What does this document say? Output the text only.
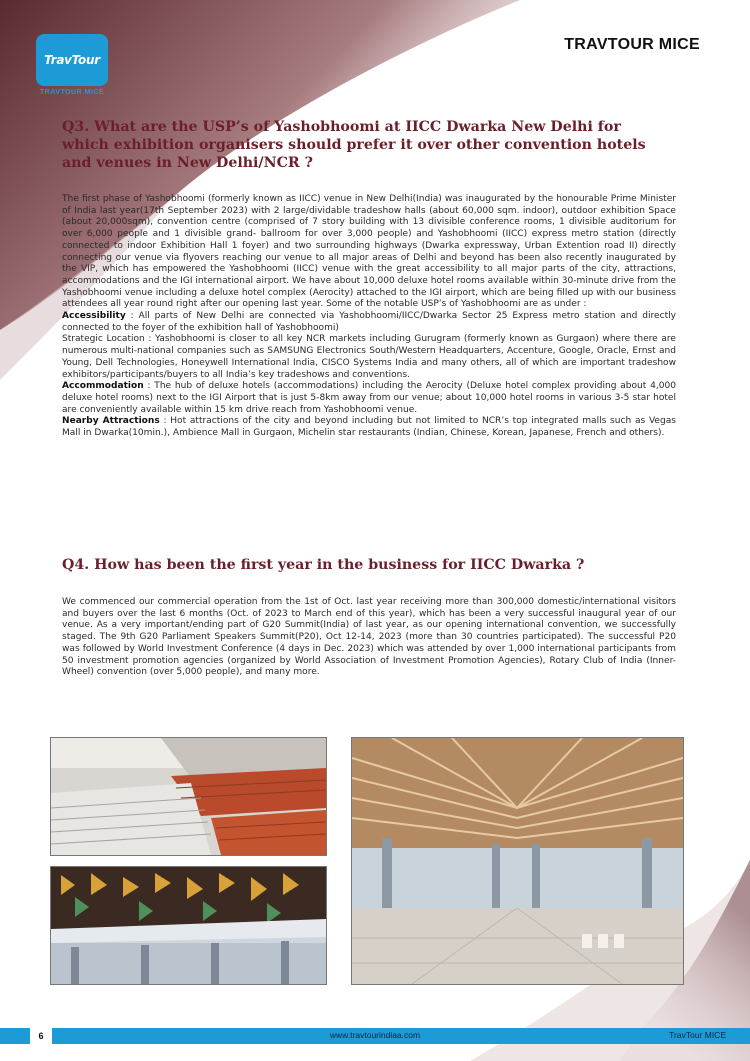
TravTour
TRAVTOUR MICE
TRAVTOUR MICE
Q3. What are the USP’s of Yashobhoomi at IICC Dwarka New Delhi for which exhibition organisers should prefer it over other convention hotels and venues in New Delhi/NCR ?

The first phase of Yashobhoomi (formerly known as IICC) venue in New Delhi(India) was inaugurated by the honourable Prime Minister of India last year(17th September 2023) with 2 large/dividable tradeshow halls (about 60,000 sqm. indoor), outdoor exhibition Space (about 20,000sqm), convention centre (comprised of 7 story building with 13 divisible conference rooms, 1 divisible auditorium for over 6,000 people and 1 divisible grand- ballroom for over 3,000 people) and Yashobhoomi (IICC) express metro station (directly connected to indoor Exhibition Hall 1 foyer) and two surrounding highways (Dwarka expressway, Urban Extention road II) directly connecting our venue via flyovers reaching our venue to all major areas of Delhi and beyond has been also recently inaugurated by the VIP, which has empowered the Yashobhoomi (IICC) venue with the great accessibility to all major parts of the city, attractions, accommodations and the IGI international airport. We have about 10,000 deluxe hotel rooms available within 30-minute drive from the Yashobhoomi venue including a deluxe hotel complex (Aerocity) attached to the IGI airport, which are being filled up with our business attendees all year round right after our opening last year. Some of the notable USP’s of Yashobhoomi are as under :

Accessibility : All parts of New Delhi are connected via Yashobhoomi/IICC/Dwarka Sector 25 Express metro station and directly connected to the foyer of the exhibition hall of Yashobhoomi)

Strategic Location : Yashobhoomi is closer to all key NCR markets including Gurugram (formerly known as Gurgaon) where there are numerous multi-national companies such as SAMSUNG Electronics South/Western Headquarters, Accenture, Google, Oracle, Ernst and Young, Dell Technologies, Honeywell International India, CISCO Systems India and many others, all of which are important tradeshow exhibitors/participants/buyers to all India’s key tradeshows and conventions.

Accommodation : The hub of deluxe hotels (accommodations) including the Aerocity (Deluxe hotel complex providing about 4,000 deluxe hotel rooms) next to the IGI Airport that is just 5-8km away from our venue; about 10,000 hotel rooms in various 3-5 star hotel are conveniently available within 15 km drive reach from Yashobhoomi venue.

Nearby Attractions : Hot attractions of the city and beyond including but not limited to NCR’s top integrated malls such as Vegas Mall in Dwarka(10min.), Ambience Mall in Gurgaon, Michelin star restaurants (Indian, Chinese, Korean, Japanese, French and others).

Q4. How has been the first year in the business for IICC Dwarka ?

We commenced our commercial operation from the 1st of Oct. last year receiving more than 300,000 domestic/international visitors and buyers over the last 6 months (Oct. of 2023 to March end of this year), which has been a very successful inaugural year of our venue. As a very important/ending part of G20 Summit(India) of last year, as our opening international convention, we successfully staged. The 9th G20 Parliament Speakers Summit(P20), Oct 12-14, 2023 (more than 30 countries participated). The successful P20 was followed by World Investment Conference (4 days in Dec. 2023) which was attended by over 1,000 international participants from 50 investment promotion agencies (organized by World Association of Investment Promotion Agencies), Rotary Club of India (Inner-Wheel) convention (over 5,000 people), and many more.

www.travtourindiaa.com
6	TravTour MICE
